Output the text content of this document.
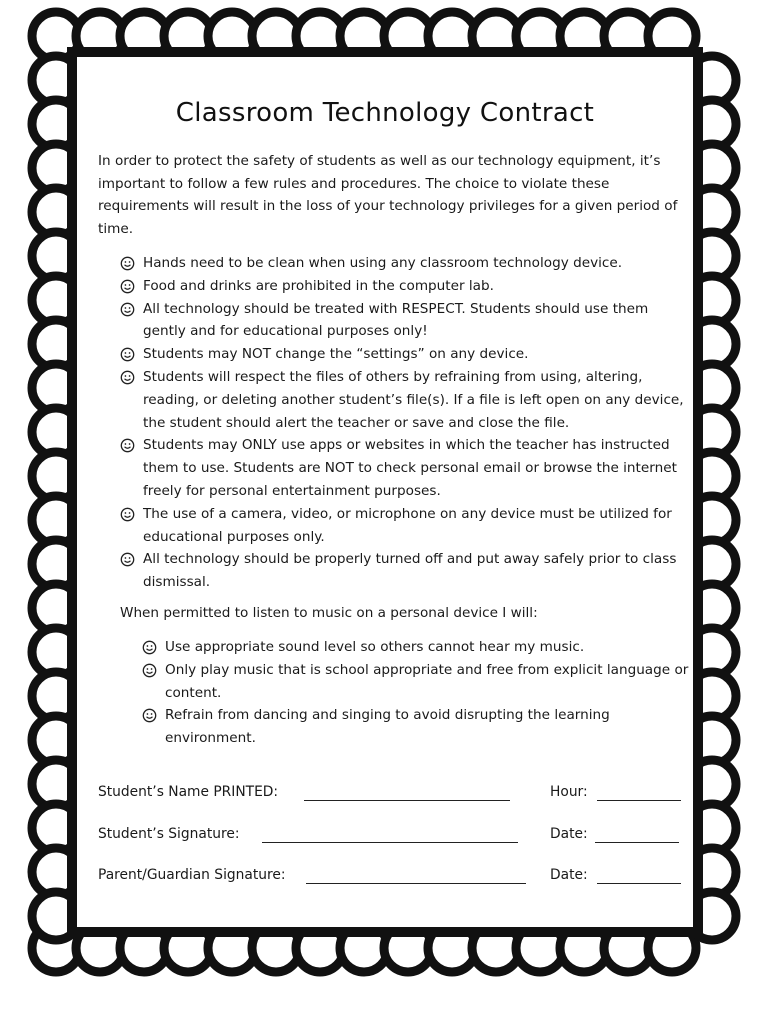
Classroom Technology Contract
In order to protect the safety of students as well as our technology equipment, it’s important to follow a few rules and procedures. The choice to violate these requirements will result in the loss of your technology privileges for a given period of time.
Hands need to be clean when using any classroom technology device.
Food and drinks are prohibited in the computer lab.
All technology should be treated with RESPECT. Students should use them gently and for educational purposes only!
Students may NOT change the “settings” on any device.
Students will respect the files of others by refraining from using, altering, reading, or deleting another student’s file(s). If a file is left open on any device, the student should alert the teacher or save and close the file.
Students may ONLY use apps or websites in which the teacher has instructed them to use. Students are NOT to check personal email or browse the internet freely for personal entertainment purposes.
The use of a camera, video, or microphone on any device must be utilized for educational purposes only.
All technology should be properly turned off and put away safely prior to class dismissal.
When permitted to listen to music on a personal device I will:
Use appropriate sound level so others cannot hear my music.
Only play music that is school appropriate and free from explicit language or content.
Refrain from dancing and singing to avoid disrupting the learning environment.
Student’s Name PRINTED:	Hour:
Student’s Signature:	Date:
Parent/Guardian Signature:	Date:
